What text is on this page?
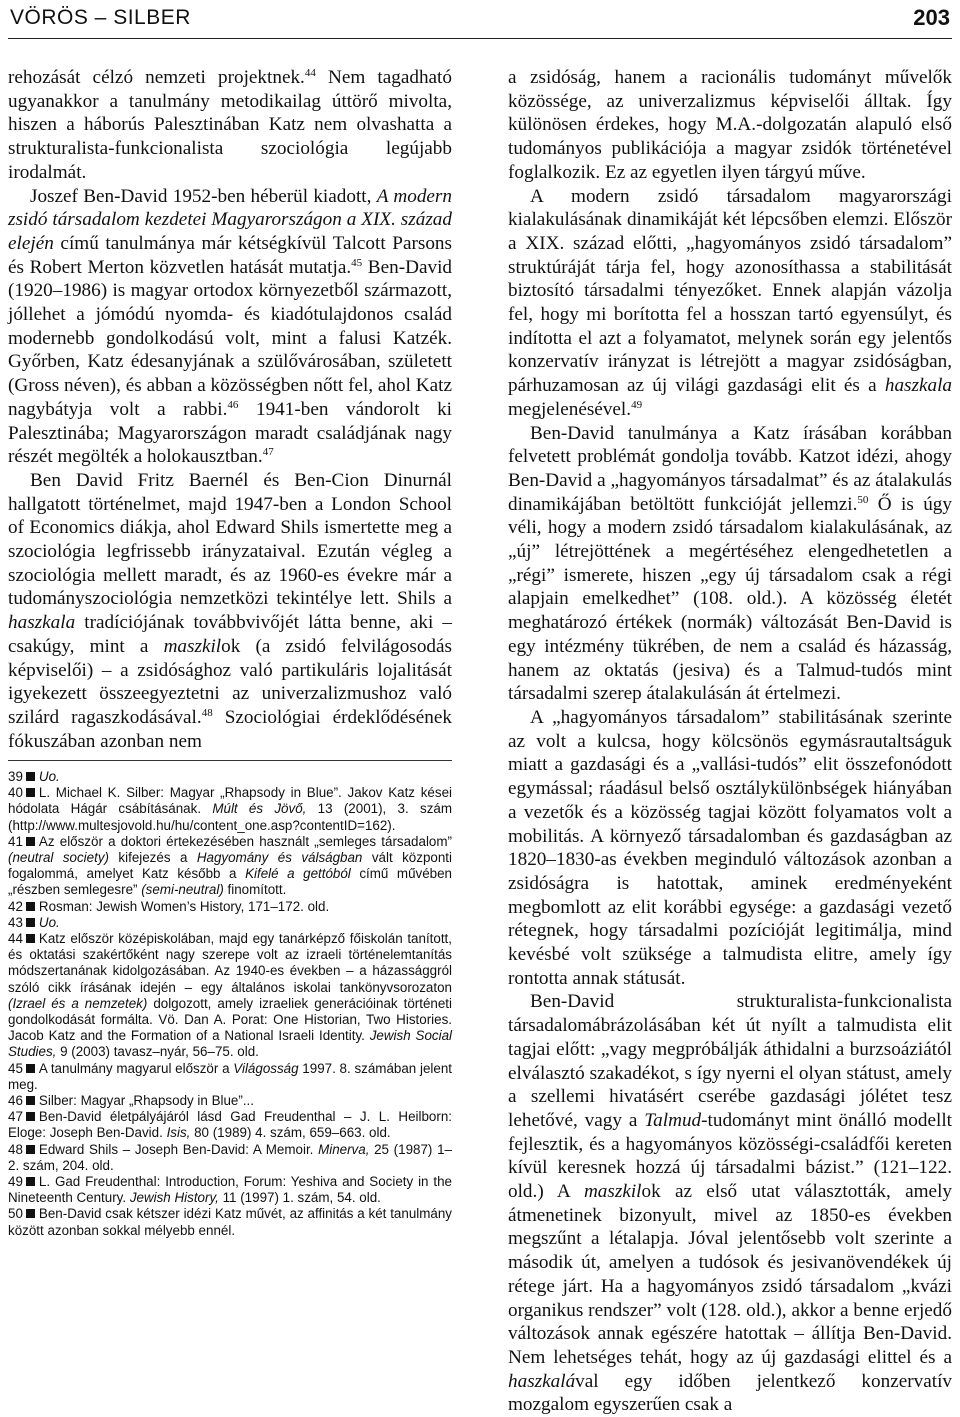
VÖRÖS – SILBER	203

rehozását célzó nemzeti projektnek.$^{44}$ Nem tagadható ugyanakkor a tanulmány metodikailag úttörő mivolta, hiszen a háborús Palesztinában Katz nem olvashatta a strukturalista-funkcionalista szociológia legújabb irodalmát.

Joszef Ben-David 1952-ben héberül kiadott, A modern zsidó társadalom kezdetei Magyarországon a XIX. század elején című tanulmánya már kétségkívül Talcott Parsons és Robert Merton közvetlen hatását mutatja.$^{45}$ Ben-David (1920–1986) is magyar ortodox környezetből származott, jóllehet a jómódú nyomda- és kiadótulajdonos család modernebb gondolkodású volt, mint a falusi Katzék. Győrben, Katz édesanyjának a szülővárosában, született (Gross néven), és abban a közösségben nőtt fel, ahol Katz nagybátyja volt a rabbi.$^{46}$ 1941-ben vándorolt ki Palesztinába; Magyarországon maradt családjának nagy részét megölték a holokausztban.$^{47}$

Ben David Fritz Baernél és Ben-Cion Dinurnál hallgatott történelmet, majd 1947-ben a London School of Economics diákja, ahol Edward Shils ismertette meg a szociológia legfrissebb irányzataival. Ezután végleg a szociológia mellett maradt, és az 1960-es évekre már a tudományszociológia nemzetközi tekintélye lett. Shils a haszkala tradíciójának továbbvivőjét látta benne, aki – csakúgy, mint a maszkilok (a zsidó felvilágosodás képviselői) – a zsidósághoz való partikuláris lojalitását igyekezett összeegyeztetni az univerzalizmushoz való szilárd ragaszkodásával.$^{48}$ Szociológiai érdeklődésének fókuszában azonban nem

39 Uo.
40 L. Michael K. Silber: Magyar „Rhapsody in Blue”. Jakov Katz kései hódolata Hágár csábításának. Múlt és Jövő, 13 (2001), 3. szám (http://www.multesjovold.hu/hu/content_one.asp?contentID=162).
41 Az először a doktori értekezésében használt „semleges társadalom” (neutral society) kifejezés a Hagyomány és válságban vált központi fogalommá, amelyet Katz később a Kifelé a gettóból című művében „részben semlegesre” (semi-neutral) finomított.
42 Rosman: Jewish Women’s History, 171–172. old.
43 Uo.
44 Katz először középiskolában, majd egy tanárképző főiskolán tanított, és oktatási szakértőként nagy szerepe volt az izraeli történelemtanítás módszertanának kidolgozásában. Az 1940-es években – a házassággról szóló cikk írásának idején – egy általános iskolai tankönyvsorozaton (Izrael és a nemzetek) dolgozott, amely izraeliek generációinak történeti gondolkodását formálta. Vö. Dan A. Porat: One Historian, Two Histories. Jacob Katz and the Formation of a National Israeli Identity. Jewish Social Studies, 9 (2003) tavasz–nyár, 56–75. old.
45 A tanulmány magyarul először a Világosság 1997. 8. számában jelent meg.
46 Silber: Magyar „Rhapsody in Blue”...
47 Ben-David életpályájáról lásd Gad Freudenthal – J. L. Heilborn: Eloge: Joseph Ben-David. Isis, 80 (1989) 4. szám, 659–663. old.
48 Edward Shils – Joseph Ben-David: A Memoir. Minerva, 25 (1987) 1–2. szám, 204. old.
49 L. Gad Freudenthal: Introduction, Forum: Yeshiva and Society in the Nineteenth Century. Jewish History, 11 (1997) 1. szám, 54. old.
50 Ben-David csak kétszer idézi Katz művét, az affinitás a két tanulmány között azonban sokkal mélyebb ennél.

a zsidóság, hanem a racionális tudományt művelők közössége, az univerzalizmus képviselői álltak. Így különösen érdekes, hogy M.A.-dolgozatán alapuló első tudományos publikációja a magyar zsidók történetével foglalkozik. Ez az egyetlen ilyen tárgyú műve.

A modern zsidó társadalom magyarországi kialakulásának dinamikáját két lépcsőben elemzi. Először a XIX. század előtti, „hagyományos zsidó társadalom” struktúráját tárja fel, hogy azonosíthassa a stabilitását biztosító társadalmi tényezőket. Ennek alapján vázolja fel, hogy mi borította fel a hosszan tartó egyensúlyt, és indította el azt a folyamatot, melynek során egy jelentős konzervatív irányzat is létrejött a magyar zsidóságban, párhuzamosan az új világi gazdasági elit és a haszkala megjelenésével.$^{49}$

Ben-David tanulmánya a Katz írásában korábban felvetett problémát gondolja tovább. Katzot idézi, ahogy Ben-David a „hagyományos társadalmat” és az átalakulás dinamikájában betöltött funkcióját jellemzi.$^{50}$ Ő is úgy véli, hogy a modern zsidó társadalom kialakulásának, az „új” létrejöttének a megértéséhez elengedhetetlen a „régi” ismerete, hiszen „egy új társadalom csak a régi alapjain emelkedhet” (108. old.). A közösség életét meghatározó értékek (normák) változását Ben-David is egy intézmény tükrében, de nem a család és házasság, hanem az oktatás (jesiva) és a Talmud-tudós mint társadalmi szerep átalakulásán át értelmezi.

A „hagyományos társadalom” stabilitásának szerinte az volt a kulcsa, hogy kölcsönös egymásrautaltságuk miatt a gazdasági és a „vallási-tudós” elit összefonódott egymással; ráadásul belső osztálykülönbségek hiányában a vezetők és a közösség tagjai között folyamatos volt a mobilitás. A környező társadalomban és gazdaságban az 1820–1830-as években meginduló változások azonban a zsidóságra is hatottak, aminek eredményeként megbomlott az elit korábbi egysége: a gazdasági vezető rétegnek, hogy társadalmi pozícióját legitimálja, mind kevésbé volt szüksége a talmudista elitre, amely így rontotta annak státusát.

Ben-David strukturalista-funkcionalista társadalomábrázolásában két út nyílt a talmudista elit tagjai előtt: „vagy megpróbálják áthidalni a burzsoáziától elválasztó szakadékot, s így nyerni el olyan státust, amely a szellemi hivatásért cserébe gazdasági jólétet tesz lehetővé, vagy a Talmud-tudományt mint önálló modellt fejlesztik, és a hagyományos közösségi-családfői kereten kívül keresnek hozzá új társadalmi bázist.” (121–122. old.) A maszkilok az első utat választották, amely átmenetinek bizonyult, mivel az 1850-es években megszűnt a létalapja. Jóval jelentősebb volt szerinte a második út, amelyen a tudósok és jesivanövendékek új rétege járt. Ha a hagyományos zsidó társadalom „kvázi organikus rendszer” volt (128. old.), akkor a benne erjedő változások annak egészére hatottak – állítja Ben-David. Nem lehetséges tehát, hogy az új gazdasági elittel és a haszkalával egy időben jelentkező konzervatív mozgalom egyszerűen csak a
